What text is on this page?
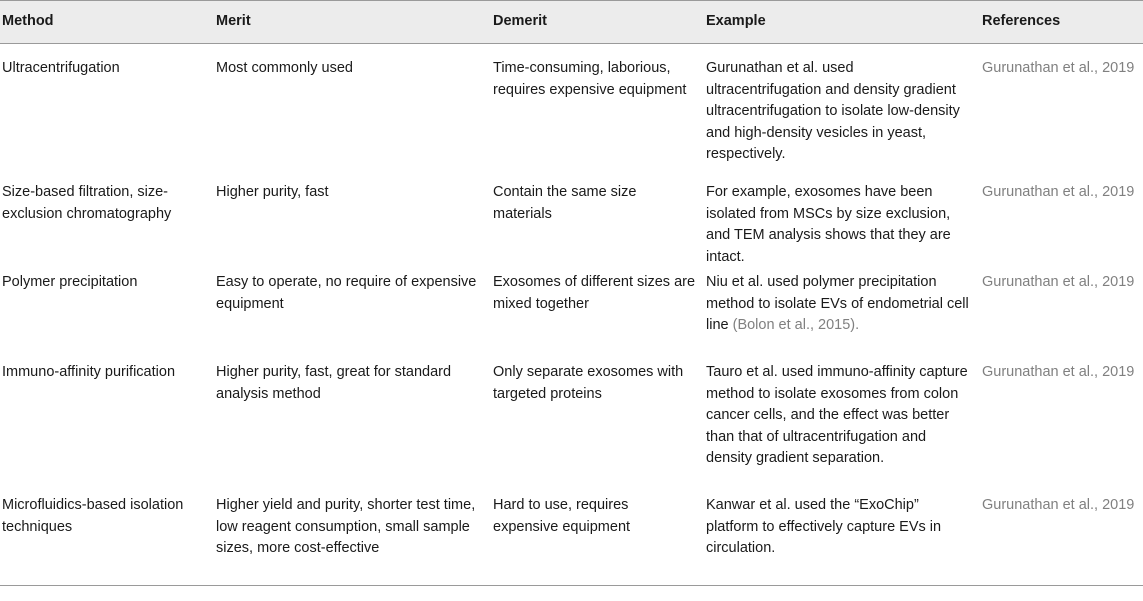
Method	Merit	Demerit	Example	References

Ultracentrifugation	Most commonly used	Time-consuming, laborious, requires expensive equipment	Gurunathan et al. used ultracentrifugation and density gradient ultracentrifugation to isolate low-density and high-density vesicles in yeast, respectively.	Gurunathan et al., 2019

Size-based filtration, size-exclusion chromatography	Higher purity, fast	Contain the same size materials	For example, exosomes have been isolated from MSCs by size exclusion, and TEM analysis shows that they are intact.	Gurunathan et al., 2019

Polymer precipitation	Easy to operate, no require of expensive equipment	Exosomes of different sizes are mixed together	Niu et al. used polymer precipitation method to isolate EVs of endometrial cell line (Bolon et al., 2015).	Gurunathan et al., 2019

Immuno-affinity purification	Higher purity, fast, great for standard analysis method	Only separate exosomes with targeted proteins	Tauro et al. used immuno-affinity capture method to isolate exosomes from colon cancer cells, and the effect was better than that of ultracentrifugation and density gradient separation.	Gurunathan et al., 2019

Microfluidics-based isolation techniques	Higher yield and purity, shorter test time, low reagent consumption, small sample sizes, more cost-effective	Hard to use, requires expensive equipment	Kanwar et al. used the “ExoChip” platform to effectively capture EVs in circulation.	Gurunathan et al., 2019
